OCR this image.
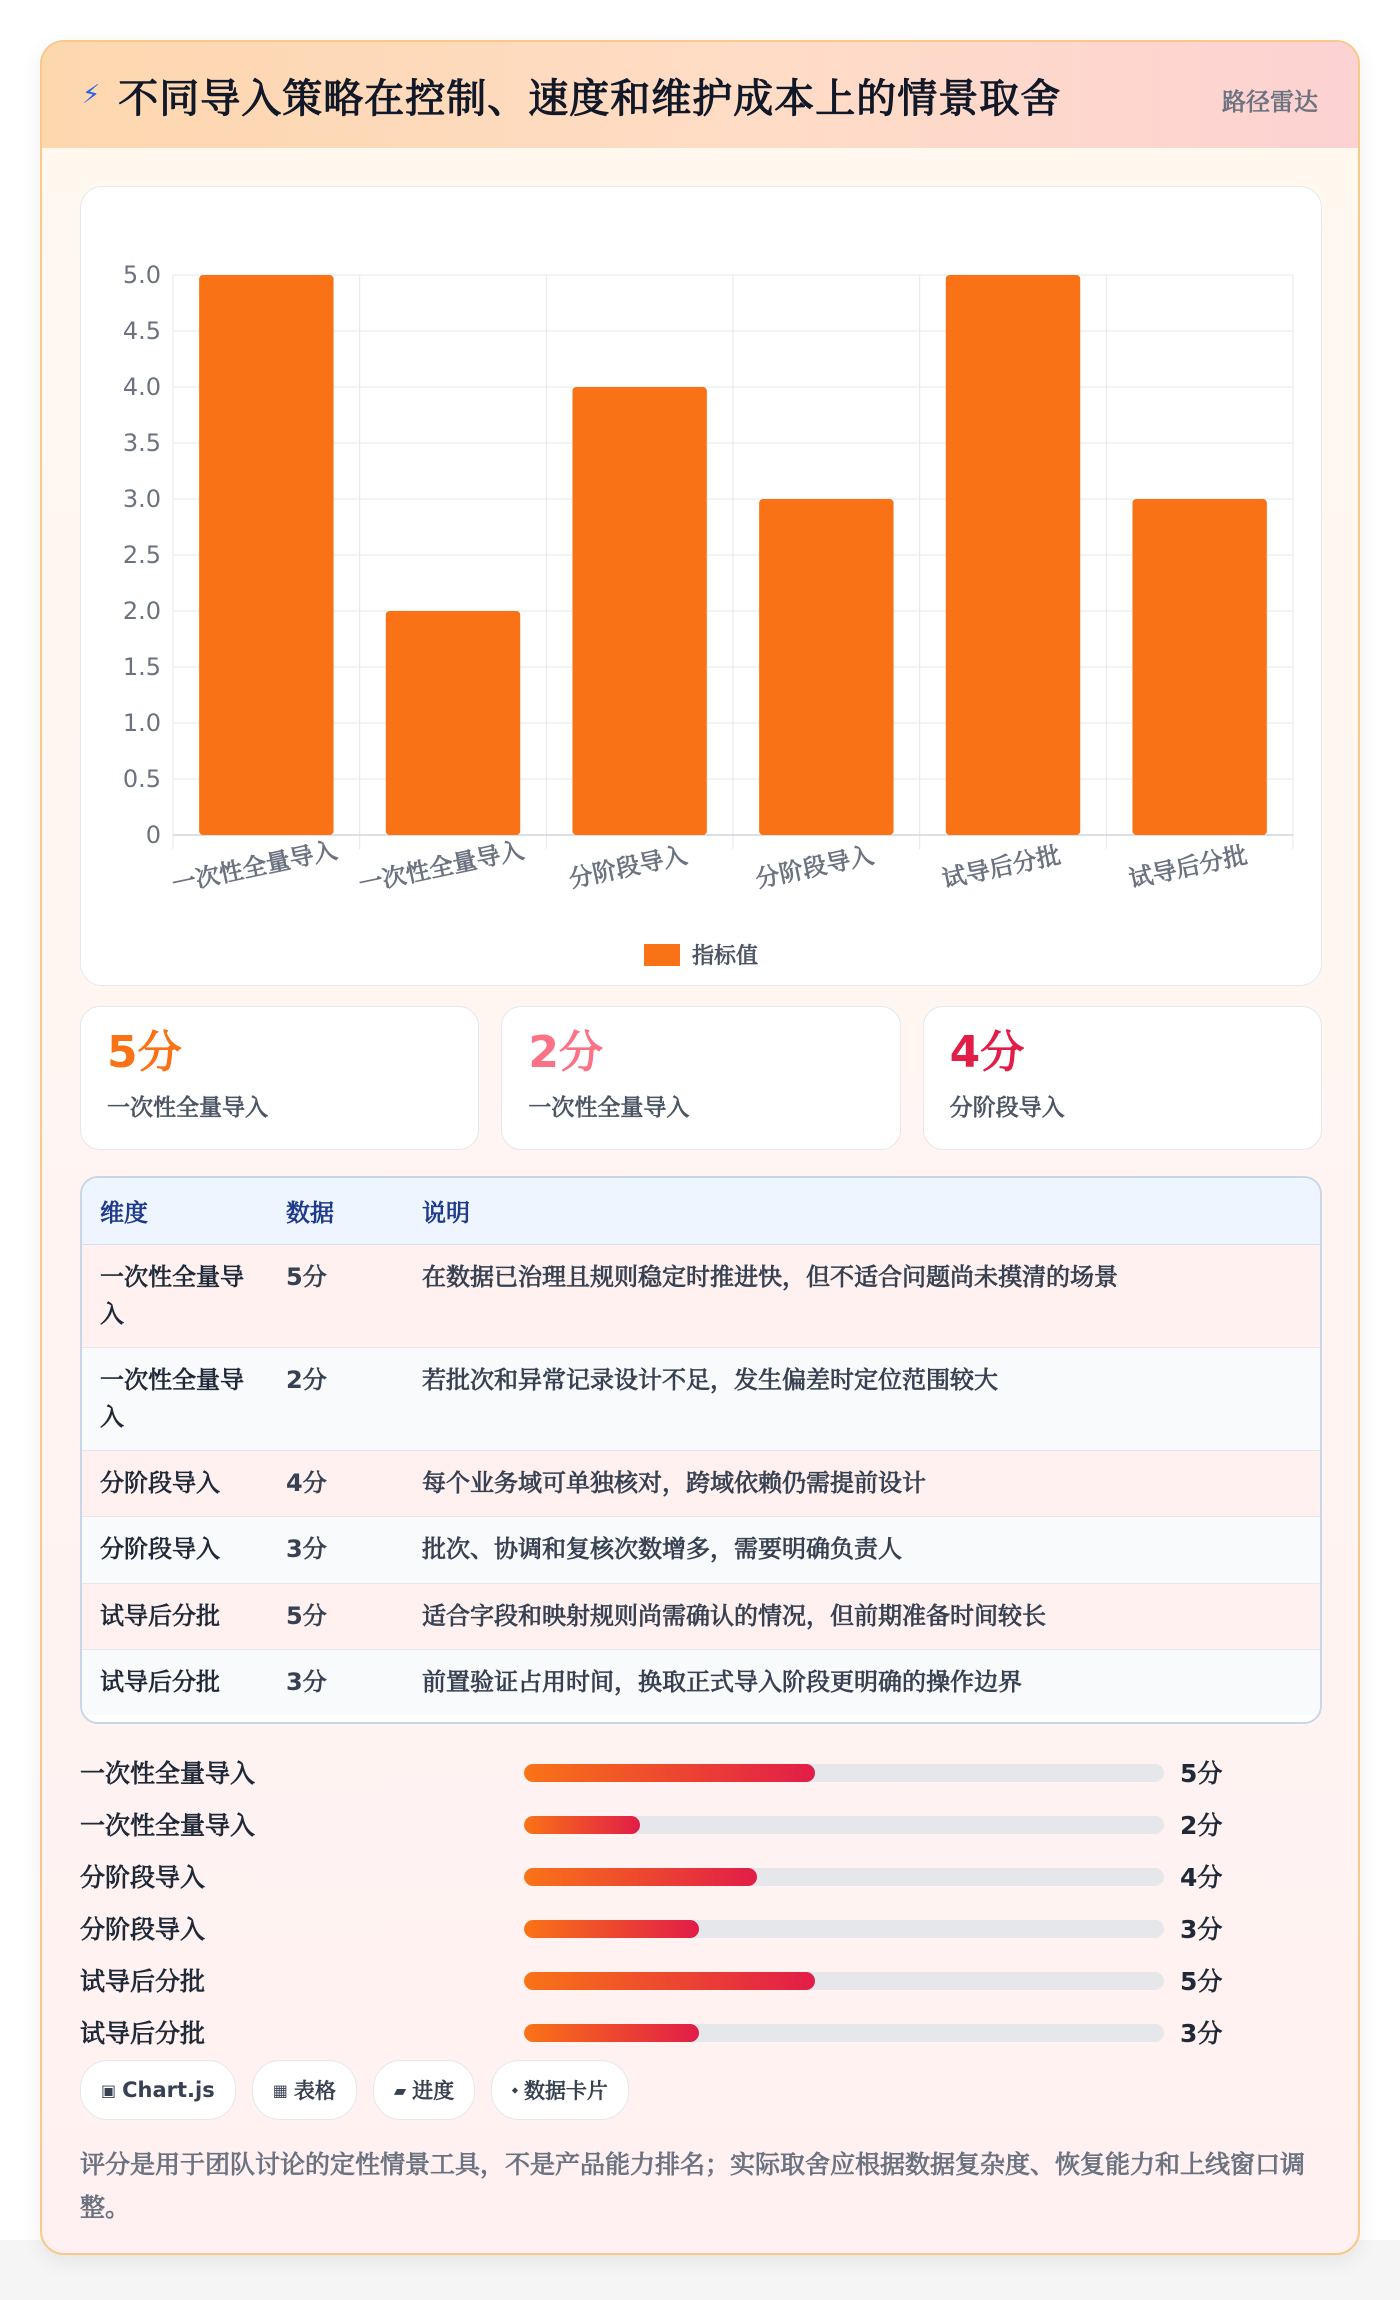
⚡ 不同导入策略在控制、速度和维护成本上的情景取舍	路径雷达
0
0.5
1.0
1.5
2.0
2.5
3.0
3.5
4.0
4.5
5.0
一次性全量导入 一次性全量导入 分阶段导入	分阶段导入	试导后分批	试导后分批
指标值
5分
一次性全量导入
2分
一次性全量导入
4分
分阶段导入
维度	数据	说明
一次性全量导入	5分	在数据已治理且规则稳定时推进快，但不适合问题尚未摸清的场景
一次性全量导入	2分	若批次和异常记录设计不足，发生偏差时定位范围较大
分阶段导入	4分	每个业务域可单独核对，跨域依赖仍需提前设计
分阶段导入	3分	批次、协调和复核次数增多，需要明确负责人
试导后分批	5分	适合字段和映射规则尚需确认的情况，但前期准备时间较长
试导后分批	3分	前置验证占用时间，换取正式导入阶段更明确的操作边界
一次性全量导入	5分
一次性全量导入	2分
分阶段导入	4分
分阶段导入	3分
试导后分批	5分
试导后分批	3分
▣ Chart.js	▦ 表格	▰ 进度	⬩ 数据卡片
评分是用于团队讨论的定性情景工具，不是产品能力排名；实际取舍应根据数据复杂度、恢复能力和上线窗口调整。
